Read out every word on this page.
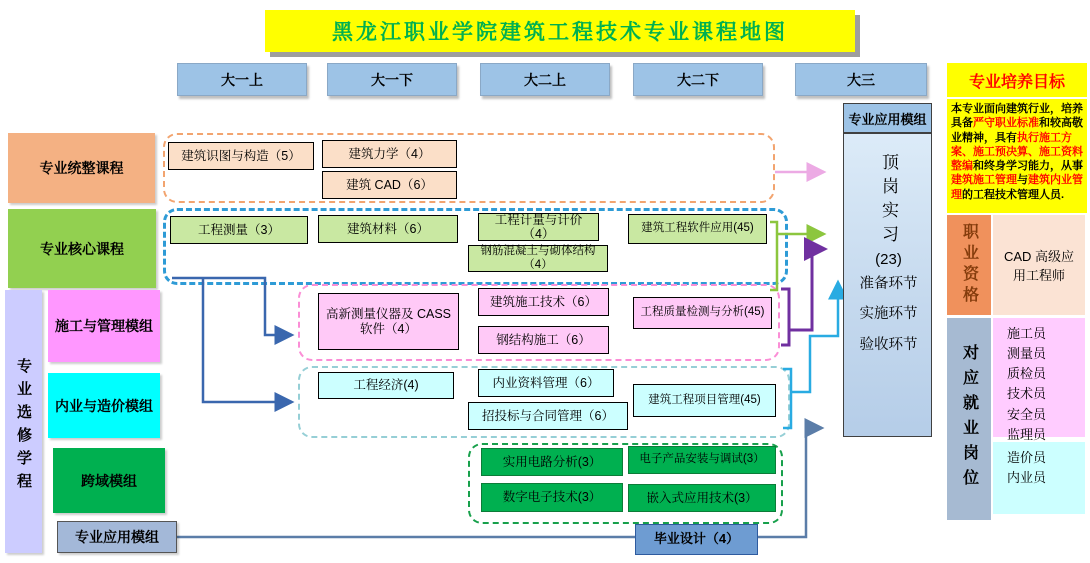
黑龙江职业学院建筑工程技术专业课程地图
大一上	大一下	大二上	大二下	大三
专业统整课程
专业核心课程
专业选修学程
施工与管理模组
内业与造价模组
跨域模组
专业应用模组
建筑识图与构造（5）	建筑力学（4）
建筑 CAD（6）
工程测量（3）	建筑材料（6）
工程计量与计价（4）
钢筋混凝土与砌体结构（4）
建筑工程软件应用(45)
高新测量仪器及 CASS 软件（4）
建筑施工技术（6）
钢结构施工（6）
工程质量检测与分析(45)
工程经济(4)	内业资料管理（6）
招投标与合同管理（6）
建筑工程项目管理(45)
实用电路分析(3）	电子产品安装与调试(3）
数字电子技术(3）	嵌入式应用技术(3）
毕业设计（4）
专业应用模组
顶岗实习
(23)
准备环节
实施环节
验收环节
专业培养目标
本专业面向建筑行业，培养具备严守职业标准和较高敬业精神，具有执行施工方案、施工预决算、施工资料整编和终身学习能力，从事建筑施工管理与建筑内业管理的工程技术管理人员.
职业资格	CAD 高级应用工程师
对应就业岗位
施工员
测量员
质检员
技术员
安全员
监理员
造价员
内业员
